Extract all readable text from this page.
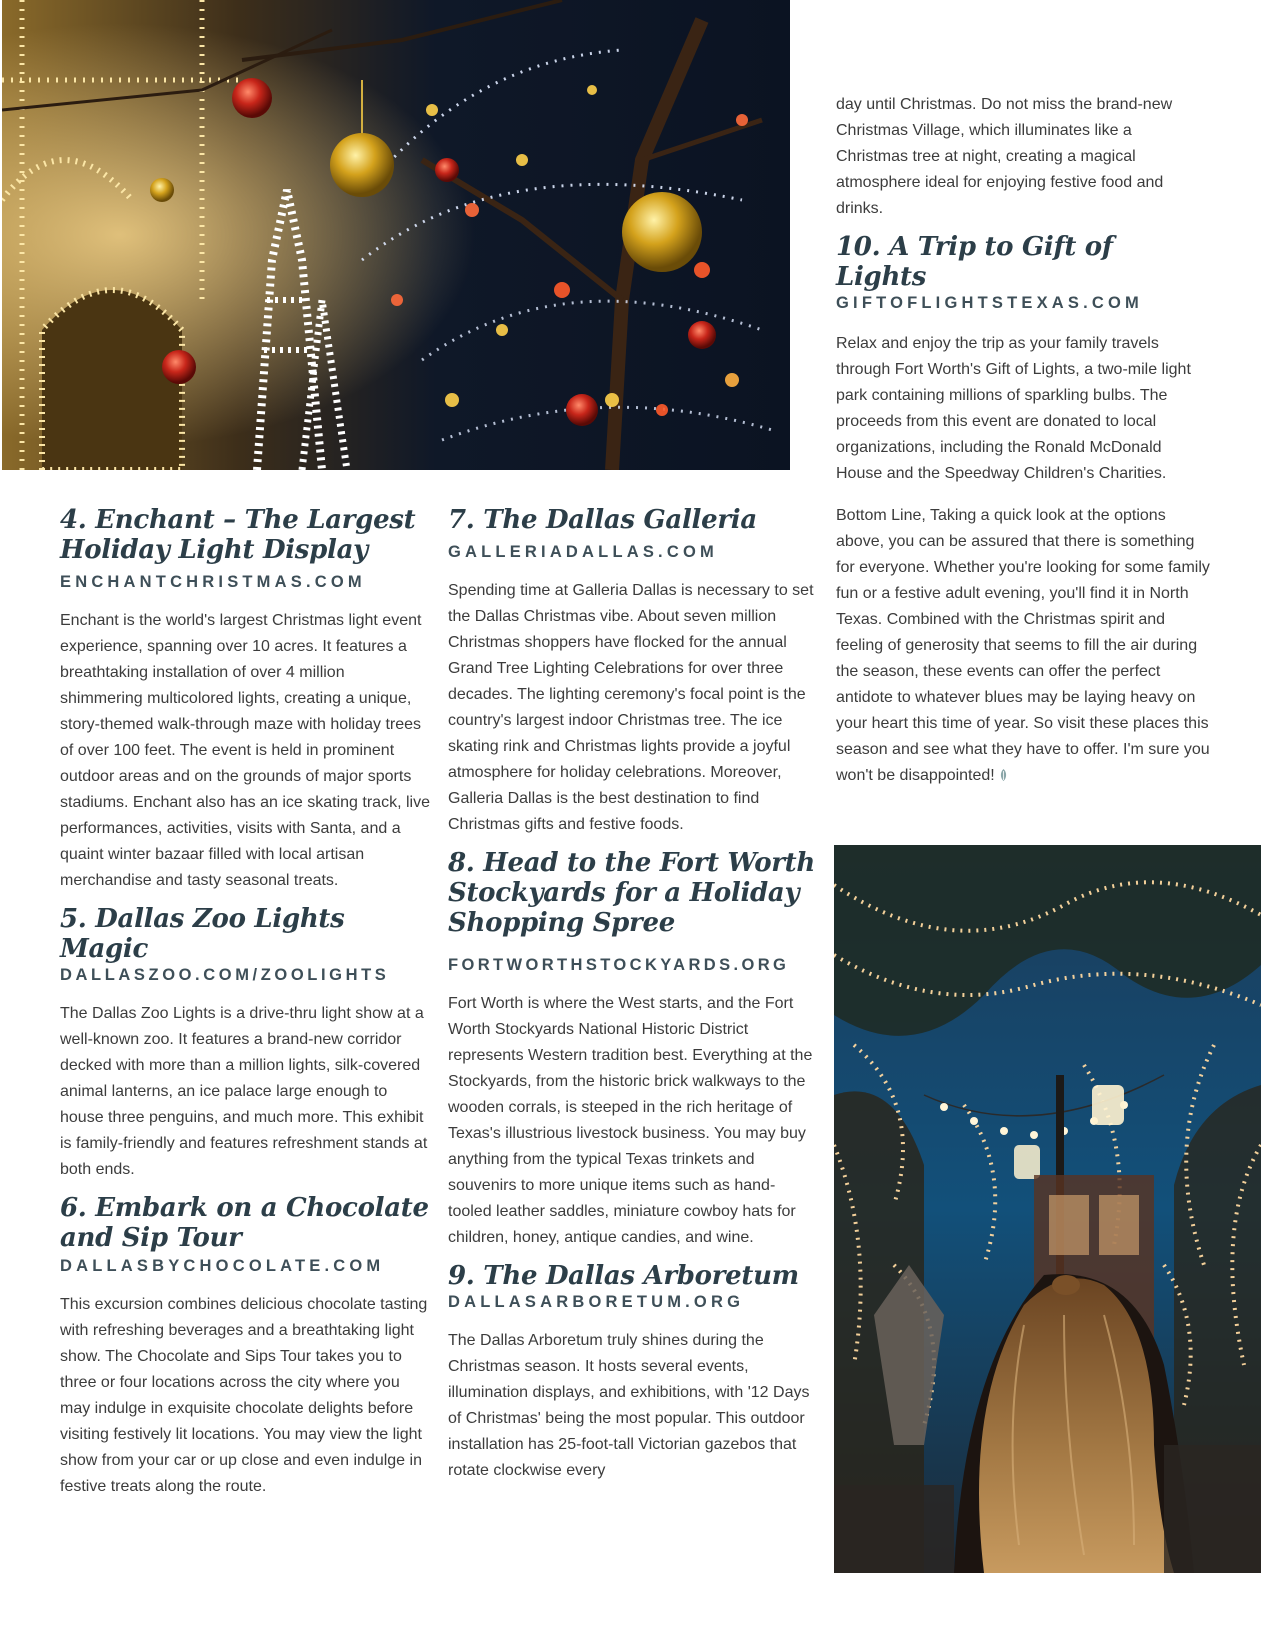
4. Enchant – The Largest Holiday Light Display
ENCHANTCHRISTMAS.COM

Enchant is the world's largest Christmas light event experience, spanning over 10 acres. It features a breathtaking installation of over 4 million shimmering multicolored lights, creating a unique, story-themed walk-through maze with holiday trees of over 100 feet. The event is held in prominent outdoor areas and on the grounds of major sports stadiums. Enchant also has an ice skating track, live performances, activities, visits with Santa, and a quaint winter bazaar filled with local artisan merchandise and tasty seasonal treats.

5. Dallas Zoo Lights Magic
DALLASZOO.COM/ZOOLIGHTS

The Dallas Zoo Lights is a drive-thru light show at a well-known zoo. It features a brand-new corridor decked with more than a million lights, silk-covered animal lanterns, an ice palace large enough to house three penguins, and much more. This exhibit is family-friendly and features refreshment stands at both ends.

6. Embark on a Chocolate and Sip Tour
DALLASBYCHOCOLATE.COM

This excursion combines delicious chocolate tasting with refreshing beverages and a breathtaking light show. The Chocolate and Sips Tour takes you to three or four locations across the city where you may indulge in exquisite chocolate delights before visiting festively lit locations. You may view the light show from your car or up close and even indulge in festive treats along the route.

7. The Dallas Galleria
GALLERIADALLAS.COM

Spending time at Galleria Dallas is necessary to set the Dallas Christmas vibe. About seven million Christmas shoppers have flocked for the annual Grand Tree Lighting Celebrations for over three decades. The lighting ceremony's focal point is the country's largest indoor Christmas tree. The ice skating rink and Christmas lights provide a joyful atmosphere for holiday celebrations. Moreover, Galleria Dallas is the best destination to find Christmas gifts and festive foods.

8. Head to the Fort Worth Stockyards for a Holiday Shopping Spree
FORTWORTHSTOCKYARDS.ORG

Fort Worth is where the West starts, and the Fort Worth Stockyards National Historic District represents Western tradition best. Everything at the Stockyards, from the historic brick walkways to the wooden corrals, is steeped in the rich heritage of Texas's illustrious livestock business. You may buy anything from the typical Texas trinkets and souvenirs to more unique items such as hand-tooled leather saddles, miniature cowboy hats for children, honey, antique candies, and wine.

9. The Dallas Arboretum
DALLASARBORETUM.ORG

The Dallas Arboretum truly shines during the Christmas season. It hosts several events, illumination displays, and exhibitions, with '12 Days of Christmas' being the most popular. This outdoor installation has 25-foot-tall Victorian gazebos that rotate clockwise every

day until Christmas. Do not miss the brand-new Christmas Village, which illuminates like a Christmas tree at night, creating a magical atmosphere ideal for enjoying festive food and drinks.

10. A Trip to Gift of Lights
GIFTOFLIGHTSTEXAS.COM

Relax and enjoy the trip as your family travels through Fort Worth's Gift of Lights, a two-mile light park containing millions of sparkling bulbs. The proceeds from this event are donated to local organizations, including the Ronald McDonald House and the Speedway Children's Charities.

Bottom Line, Taking a quick look at the options above, you can be assured that there is something for everyone. Whether you're looking for some family fun or a festive adult evening, you'll find it in North Texas. Combined with the Christmas spirit and feeling of generosity that seems to fill the air during the season, these events can offer the perfect antidote to whatever blues may be laying heavy on your heart this time of year. So visit these places this season and see what they have to offer. I'm sure you won't be disappointed!
